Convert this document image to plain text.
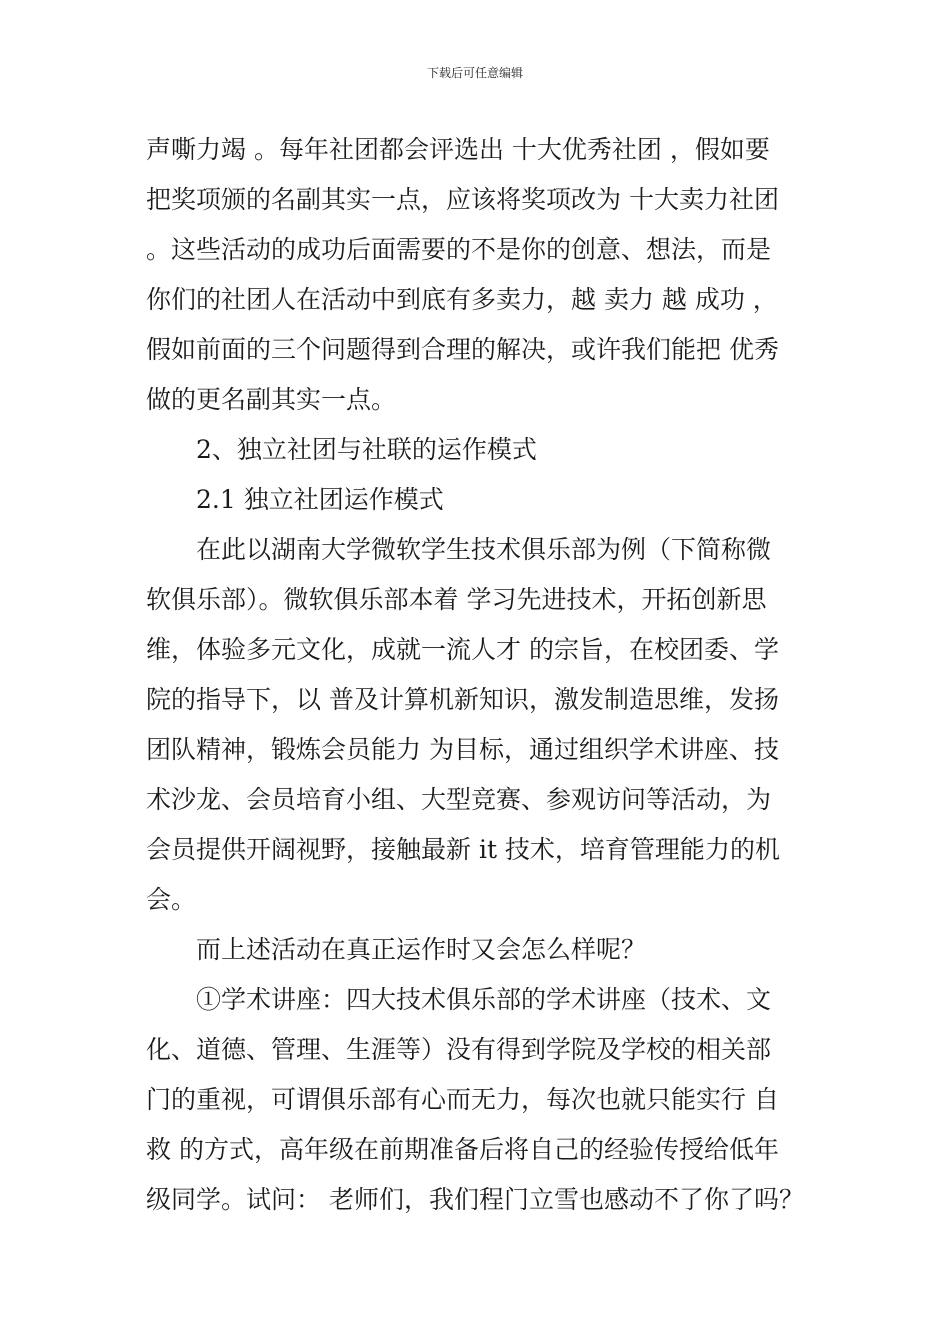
下载后可任意编辑
声嘶力竭 。每年社团都会评选出 十大优秀社团 ，假如要
把奖项颁的名副其实一点，应该将奖项改为 十大卖力社团
。这些活动的成功后面需要的不是你的创意、想法，而是
你们的社团人在活动中到底有多卖力，越 卖力 越 成功 ，
假如前面的三个问题得到合理的解决，或许我们能把 优秀
做的更名副其实一点。
　　2、独立社团与社联的运作模式
　　2.1 独立社团运作模式
　　在此以湖南大学微软学生技术俱乐部为例（下简称微
软俱乐部）。微软俱乐部本着 学习先进技术，开拓创新思
维，体验多元文化，成就一流人才 的宗旨，在校团委、学
院的指导下，以 普及计算机新知识，激发制造思维，发扬
团队精神，锻炼会员能力 为目标，通过组织学术讲座、技
术沙龙、会员培育小组、大型竞赛、参观访问等活动，为
会员提供开阔视野，接触最新 it 技术，培育管理能力的机
会。
　　而上述活动在真正运作时又会怎么样呢？
　　①学术讲座：四大技术俱乐部的学术讲座（技术、文
化、道德、管理、生涯等）没有得到学院及学校的相关部
门的重视，可谓俱乐部有心而无力，每次也就只能实行 自
救 的方式，高年级在前期准备后将自己的经验传授给低年
级同学。试问： 老师们，我们程门立雪也感动不了你了吗？
